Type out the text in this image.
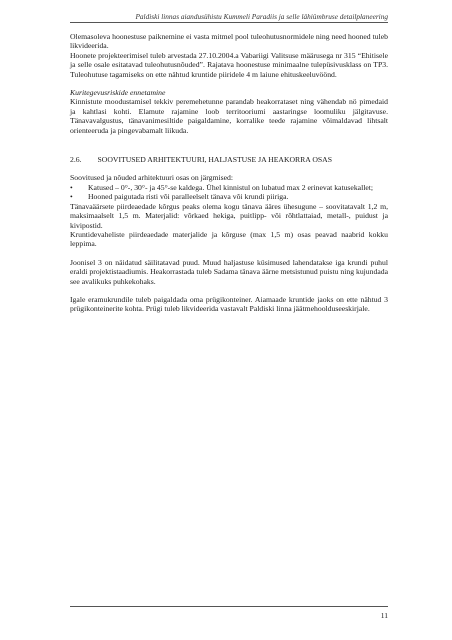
Paldiski linnas aiandusühistu Kummeli Paradiis ja selle lähiümbruse detailplaneering

Olemasoleva hoonestuse paiknemine ei vasta mitmel pool tuleohutusnormidele ning need hooned tuleb likvideerida.

Hoonete projekteerimisel tuleb arvestada 27.10.2004.a Vabariigi Valitsuse määrusega nr 315 “Ehitisele ja selle osale esitatavad tuleohutusnõuded”. Rajatava hoonestuse minimaalne tulepüsivusklass on TP3. Tuleohutuse tagamiseks on ette nähtud kruntide piiridele 4 m laiune ehituskeeluvöönd.

Kuritegevusriskide ennetamine

Kinnistute moodustamisel tekkiv peremehetunne parandab heakorrataset ning vähendab nö pimedaid ja kahtlasi kohti. Elamute rajamine loob territooriumi aastaringse loomuliku jälgitavuse. Tänavavalgustus, tänavanimesiltide paigaldamine, korralike teede rajamine võimaldavad lihtsalt orienteeruda ja pingevabamalt liikuda.

2.6. SOOVITUSED ARHITEKTUURI, HALJASTUSE JA HEAKORRA OSAS

Soovitused ja nõuded arhitektuuri osas on järgmised:

• Katused – 0°-, 30°- ja 45°-se kaldega. Ühel kinnistul on lubatud max 2 erinevat katusekallet;
• Hooned paigutada risti või paralleelselt tänava või krundi piiriga.

Tänavaäärsete piirdeaedade kõrgus peaks olema kogu tänava ääres ühesugune – soovitatavalt 1,2 m, maksimaalselt 1,5 m. Materjalid: võrkaed hekiga, puitlipp- või rõhtlattaiad, metall-, puidust ja kivipostid.

Kruntidevaheliste piirdeaedade materjalide ja kõrguse (max 1,5 m) osas peavad naabrid kokku leppima.

Joonisel 3 on näidatud säilitatavad puud. Muud haljastuse küsimused lahendatakse iga krundi puhul eraldi projektistaadiumis. Heakorrastada tuleb Sadama tänava äärne metsistunud puistu ning kujundada see avalikuks puhkekohaks.

Igale eramukrundile tuleb paigaldada oma prügikonteiner. Aiamaade kruntide jaoks on ette nähtud 3 prügikonteinerite kohta. Prügi tuleb likvideerida vastavalt Paldiski linna jäätmehoolduseeskirjale.

11
